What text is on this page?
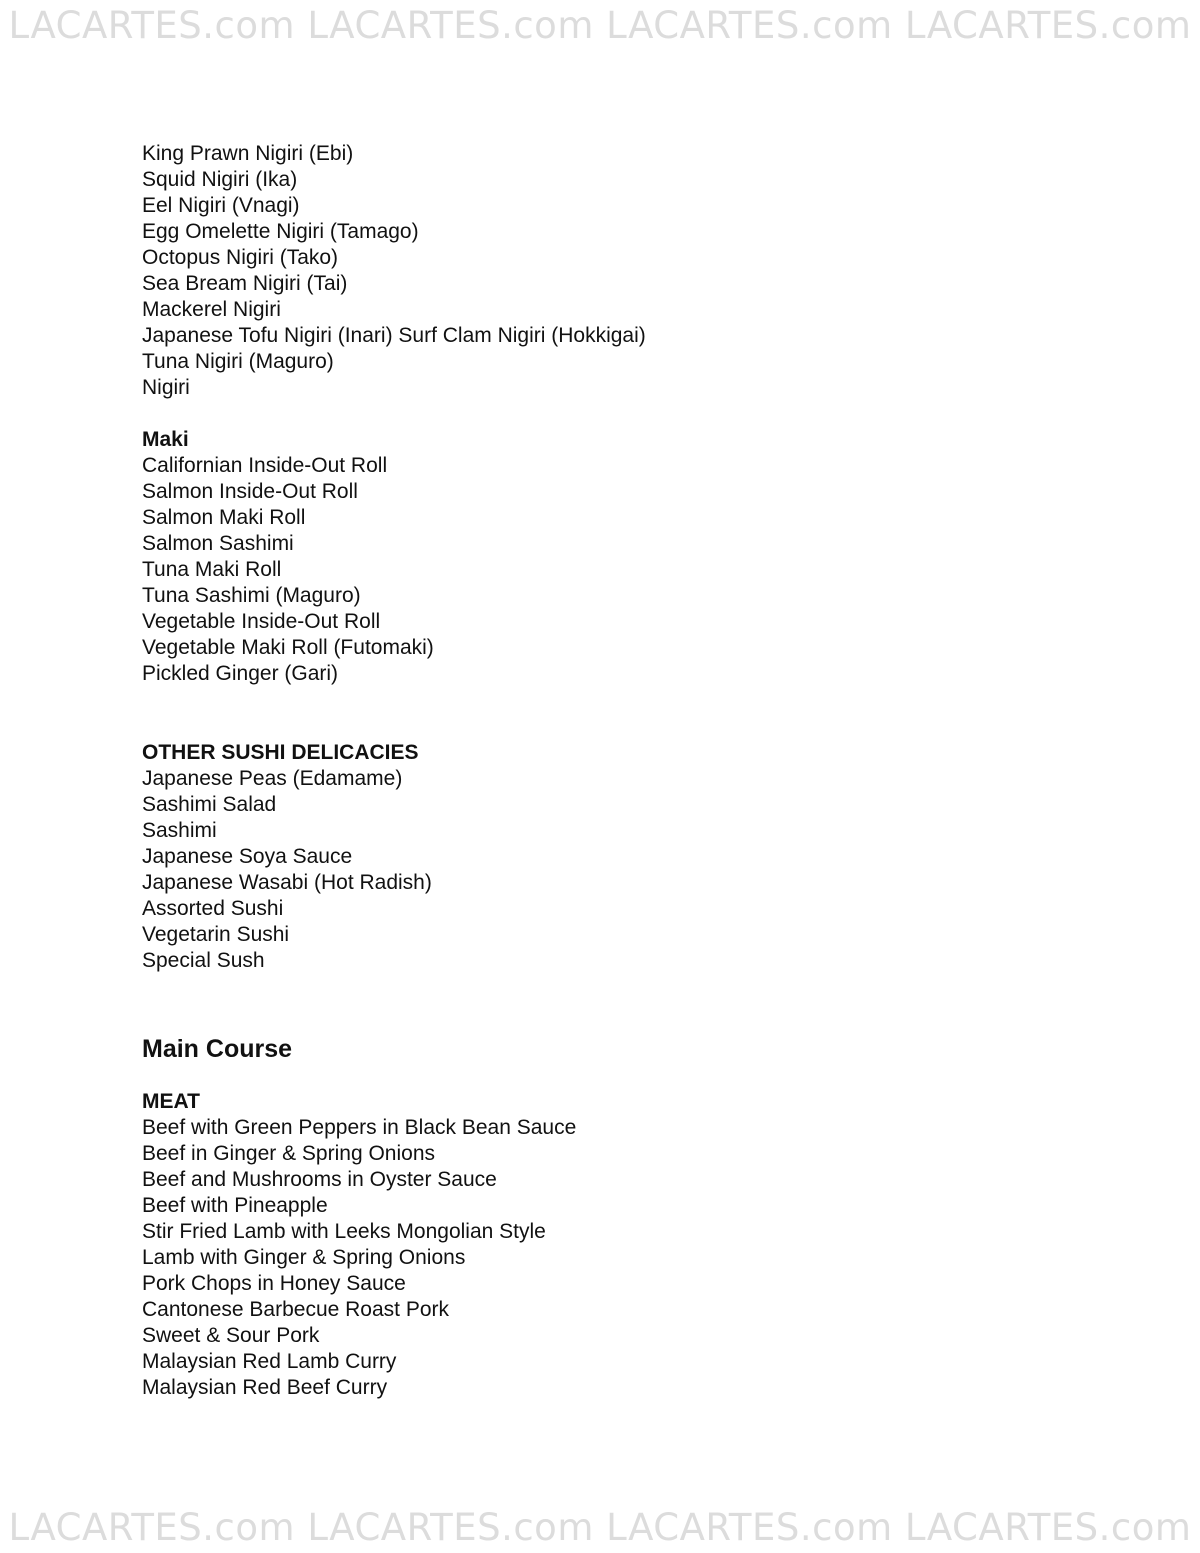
LACARTES.com LACARTES.com LACARTES.com LACARTES.com
King Prawn Nigiri (Ebi)
Squid Nigiri (Ika)
Eel Nigiri (Vnagi)
Egg Omelette Nigiri (Tamago)
Octopus Nigiri (Tako)
Sea Bream Nigiri (Tai)
Mackerel Nigiri
Japanese Tofu Nigiri (Inari) Surf Clam Nigiri (Hokkigai)
Tuna Nigiri (Maguro)
Nigiri
Maki
Californian Inside-Out Roll
Salmon Inside-Out Roll
Salmon Maki Roll
Salmon Sashimi
Tuna Maki Roll
Tuna Sashimi (Maguro)
Vegetable Inside-Out Roll
Vegetable Maki Roll (Futomaki)
Pickled Ginger (Gari)
OTHER SUSHI DELICACIES
Japanese Peas (Edamame)
Sashimi Salad
Sashimi
Japanese Soya Sauce
Japanese Wasabi (Hot Radish)
Assorted Sushi
Vegetarin Sushi
Special Sush
Main Course
MEAT
Beef with Green Peppers in Black Bean Sauce
Beef in Ginger & Spring Onions
Beef and Mushrooms in Oyster Sauce
Beef with Pineapple
Stir Fried Lamb with Leeks Mongolian Style
Lamb with Ginger & Spring Onions
Pork Chops in Honey Sauce
Cantonese Barbecue Roast Pork
Sweet & Sour Pork
Malaysian Red Lamb Curry
Malaysian Red Beef Curry
LACARTES.com LACARTES.com LACARTES.com LACARTES.com
